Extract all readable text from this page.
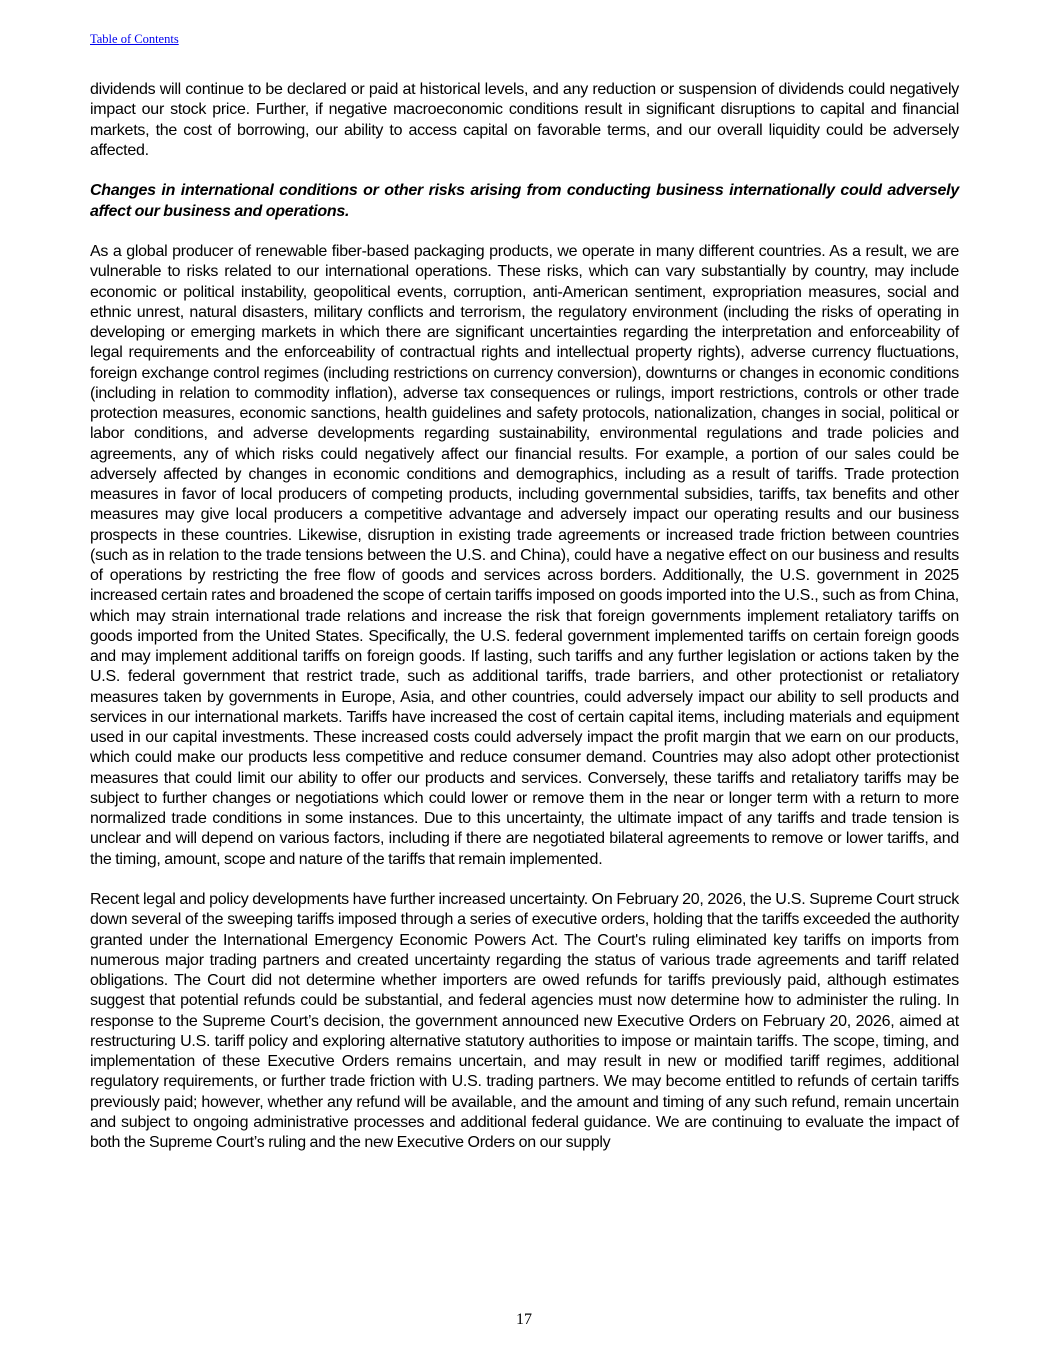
Table of Contents

dividends will continue to be declared or paid at historical levels, and any reduction or suspension of dividends could negatively impact our stock price. Further, if negative macroeconomic conditions result in significant disruptions to capital and financial markets, the cost of borrowing, our ability to access capital on favorable terms, and our overall liquidity could be adversely affected.

Changes in international conditions or other risks arising from conducting business internationally could adversely affect our business and operations.

As a global producer of renewable fiber-based packaging products, we operate in many different countries. As a result, we are vulnerable to risks related to our international operations. These risks, which can vary substantially by country, may include economic or political instability, geopolitical events, corruption, anti-American sentiment, expropriation measures, social and ethnic unrest, natural disasters, military conflicts and terrorism, the regulatory environment (including the risks of operating in developing or emerging markets in which there are significant uncertainties regarding the interpretation and enforceability of legal requirements and the enforceability of contractual rights and intellectual property rights), adverse currency fluctuations, foreign exchange control regimes (including restrictions on currency conversion), downturns or changes in economic conditions (including in relation to commodity inflation), adverse tax consequences or rulings, import restrictions, controls or other trade protection measures, economic sanctions, health guidelines and safety protocols, nationalization, changes in social, political or labor conditions, and adverse developments regarding sustainability, environmental regulations and trade policies and agreements, any of which risks could negatively affect our financial results. For example, a portion of our sales could be adversely affected by changes in economic conditions and demographics, including as a result of tariffs. Trade protection measures in favor of local producers of competing products, including governmental subsidies, tariffs, tax benefits and other measures may give local producers a competitive advantage and adversely impact our operating results and our business prospects in these countries. Likewise, disruption in existing trade agreements or increased trade friction between countries (such as in relation to the trade tensions between the U.S. and China), could have a negative effect on our business and results of operations by restricting the free flow of goods and services across borders. Additionally, the U.S. government in 2025 increased certain rates and broadened the scope of certain tariffs imposed on goods imported into the U.S., such as from China, which may strain international trade relations and increase the risk that foreign governments implement retaliatory tariffs on goods imported from the United States. Specifically, the U.S. federal government implemented tariffs on certain foreign goods and may implement additional tariffs on foreign goods. If lasting, such tariffs and any further legislation or actions taken by the U.S. federal government that restrict trade, such as additional tariffs, trade barriers, and other protectionist or retaliatory measures taken by governments in Europe, Asia, and other countries, could adversely impact our ability to sell products and services in our international markets. Tariffs have increased the cost of certain capital items, including materials and equipment used in our capital investments. These increased costs could adversely impact the profit margin that we earn on our products, which could make our products less competitive and reduce consumer demand. Countries may also adopt other protectionist measures that could limit our ability to offer our products and services. Conversely, these tariffs and retaliatory tariffs may be subject to further changes or negotiations which could lower or remove them in the near or longer term with a return to more normalized trade conditions in some instances. Due to this uncertainty, the ultimate impact of any tariffs and trade tension is unclear and will depend on various factors, including if there are negotiated bilateral agreements to remove or lower tariffs, and the timing, amount, scope and nature of the tariffs that remain implemented.

Recent legal and policy developments have further increased uncertainty. On February 20, 2026, the U.S. Supreme Court struck down several of the sweeping tariffs imposed through a series of executive orders, holding that the tariffs exceeded the authority granted under the International Emergency Economic Powers Act. The Court's ruling eliminated key tariffs on imports from numerous major trading partners and created uncertainty regarding the status of various trade agreements and tariff related obligations. The Court did not determine whether importers are owed refunds for tariffs previously paid, although estimates suggest that potential refunds could be substantial, and federal agencies must now determine how to administer the ruling. In response to the Supreme Court’s decision, the government announced new Executive Orders on February 20, 2026, aimed at restructuring U.S. tariff policy and exploring alternative statutory authorities to impose or maintain tariffs. The scope, timing, and implementation of these Executive Orders remains uncertain, and may result in new or modified tariff regimes, additional regulatory requirements, or further trade friction with U.S. trading partners. We may become entitled to refunds of certain tariffs previously paid; however, whether any refund will be available, and the amount and timing of any such refund, remain uncertain and subject to ongoing administrative processes and additional federal guidance. We are continuing to evaluate the impact of both the Supreme Court’s ruling and the new Executive Orders on our supply

17
